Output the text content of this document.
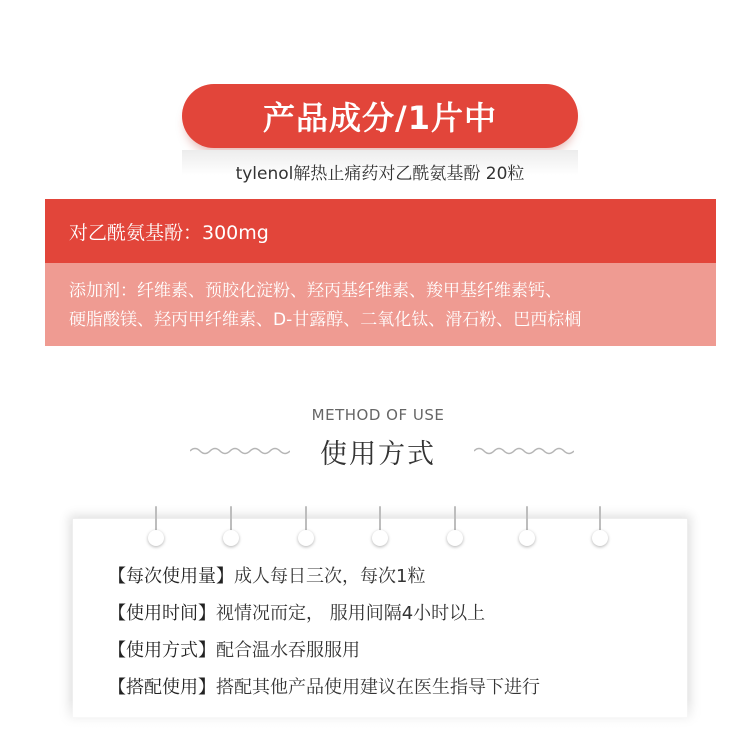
产品成分/1片中
tylenol解热止痛药对乙酰氨基酚 20粒
对乙酰氨基酚：300mg
添加剂：纤维素、预胶化淀粉、羟丙基纤维素、羧甲基纤维素钙、
硬脂酸镁、羟丙甲纤维素、D-甘露醇、二氧化钛、滑石粉、巴西棕榈
METHOD OF USE
使用方式
【每次使用量】成人每日三次，每次1粒
【使用时间】视情况而定， 服用间隔4小时以上
【使用方式】配合温水吞服服用
【搭配使用】搭配其他产品使用建议在医生指导下进行
